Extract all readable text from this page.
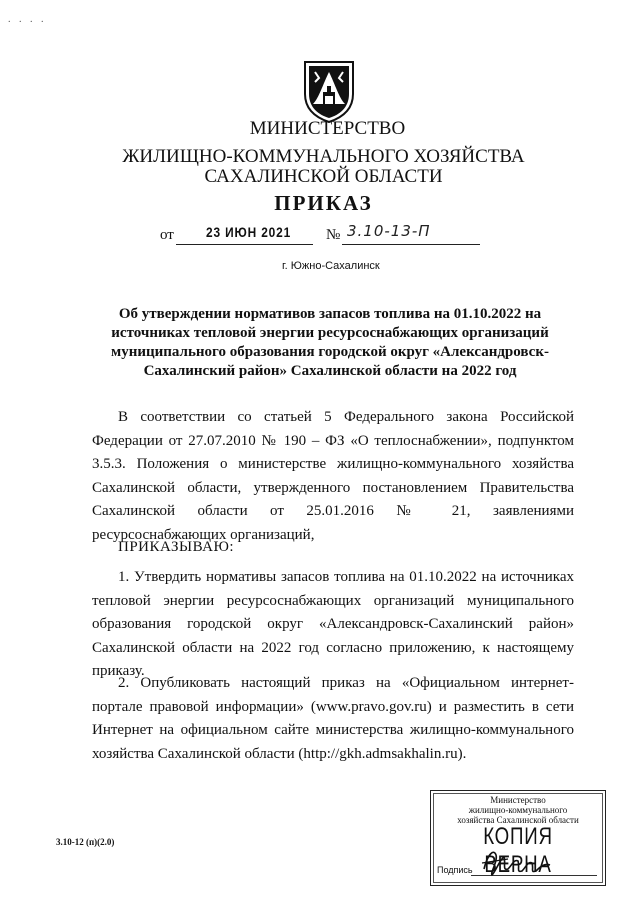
. . . .
МИНИСТЕРСТВО
ЖИЛИЩНО-КОММУНАЛЬНОГО ХОЗЯЙСТВА
САХАЛИНСКОЙ ОБЛАСТИ
ПРИКАЗ
от 23 ИЮН 2021 № 3.10-13-П
г. Южно-Сахалинск
Об утверждении нормативов запасов топлива на 01.10.2022 на источниках тепловой энергии ресурсоснабжающих организаций муниципального образования городской округ «Александровск-Сахалинский район» Сахалинской области на 2022 год
В соответствии со статьей 5 Федерального закона Российской Федерации от 27.07.2010 № 190 – ФЗ «О теплоснабжении», подпунктом 3.5.3. Положения о министерстве жилищно-коммунального хозяйства Сахалинской области, утвержденного постановлением Правительства Сахалинской области от 25.01.2016 № 21, заявлениями ресурсоснабжающих организаций,
ПРИКАЗЫВАЮ:
1. Утвердить нормативы запасов топлива на 01.10.2022 на источниках тепловой энергии ресурсоснабжающих организаций муниципального образования городской округ «Александровск-Сахалинский район» Сахалинской области на 2022 год согласно приложению, к настоящему приказу.
2. Опубликовать настоящий приказ на «Официальном интернет-портале правовой информации» (www.pravo.gov.ru) и разместить в сети Интернет на официальном сайте министерства жилищно-коммунального хозяйства Сахалинской области (http://gkh.admsakhalin.ru).
3.10-12 (п)(2.0)
Министерство
жилищно-коммунального
хозяйства Сахалинской области
КОПИЯ ВЕРНА
Подпись
